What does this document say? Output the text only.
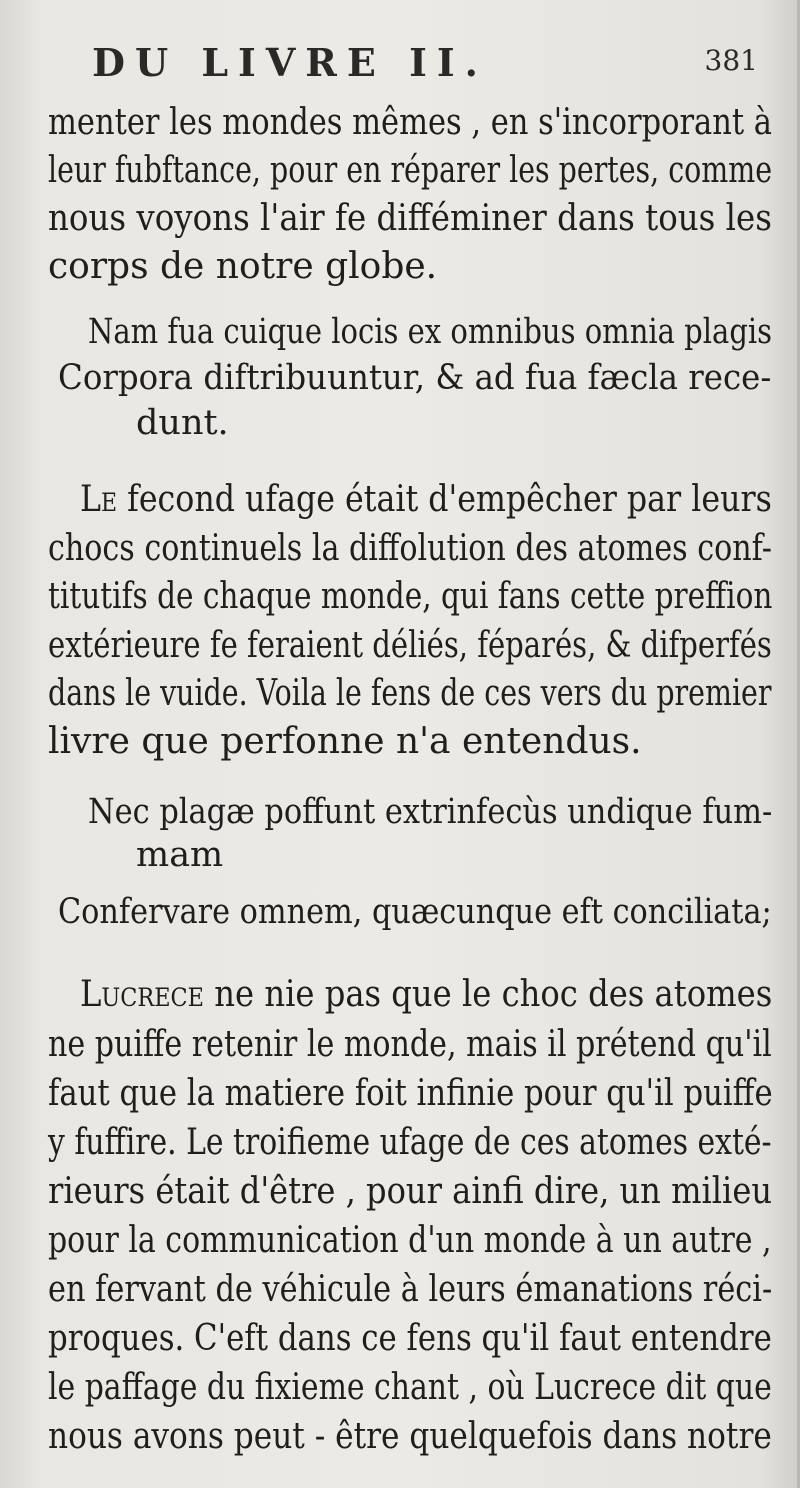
DU LIVRE II.	381
menter les mondes mêmes , en s'incorporant à
leur fubftance, pour en réparer les pertes, comme
nous voyons l'air fe difféminer dans tous les
corps de notre globe.
Nam fua cuique locis ex omnibus omnia plagis
Corpora diftribuuntur, & ad fua fæcla rece-
dunt.
Le fecond ufage était d'empêcher par leurs
chocs continuels la diffolution des atomes conf-
titutifs de chaque monde, qui fans cette preffion
extérieure fe feraient déliés, féparés, & difperfés
dans le vuide. Voila le fens de ces vers du premier
livre que perfonne n'a entendus.
Nec plagæ poffunt extrinfecùs undique fum-
mam
Confervare omnem, quæcunque eft conciliata;
Lucrece ne nie pas que le choc des atomes
ne puiffe retenir le monde, mais il prétend qu'il
faut que la matiere foit infinie pour qu'il puiffe
y fuffire. Le troifieme ufage de ces atomes exté-
rieurs était d'être , pour ainfi dire, un milieu
pour la communication d'un monde à un autre ,
en fervant de véhicule à leurs émanations réci-
proques. C'eft dans ce fens qu'il faut entendre
le paffage du fixieme chant , où Lucrece dit que
nous avons peut - être quelquefois dans notre
